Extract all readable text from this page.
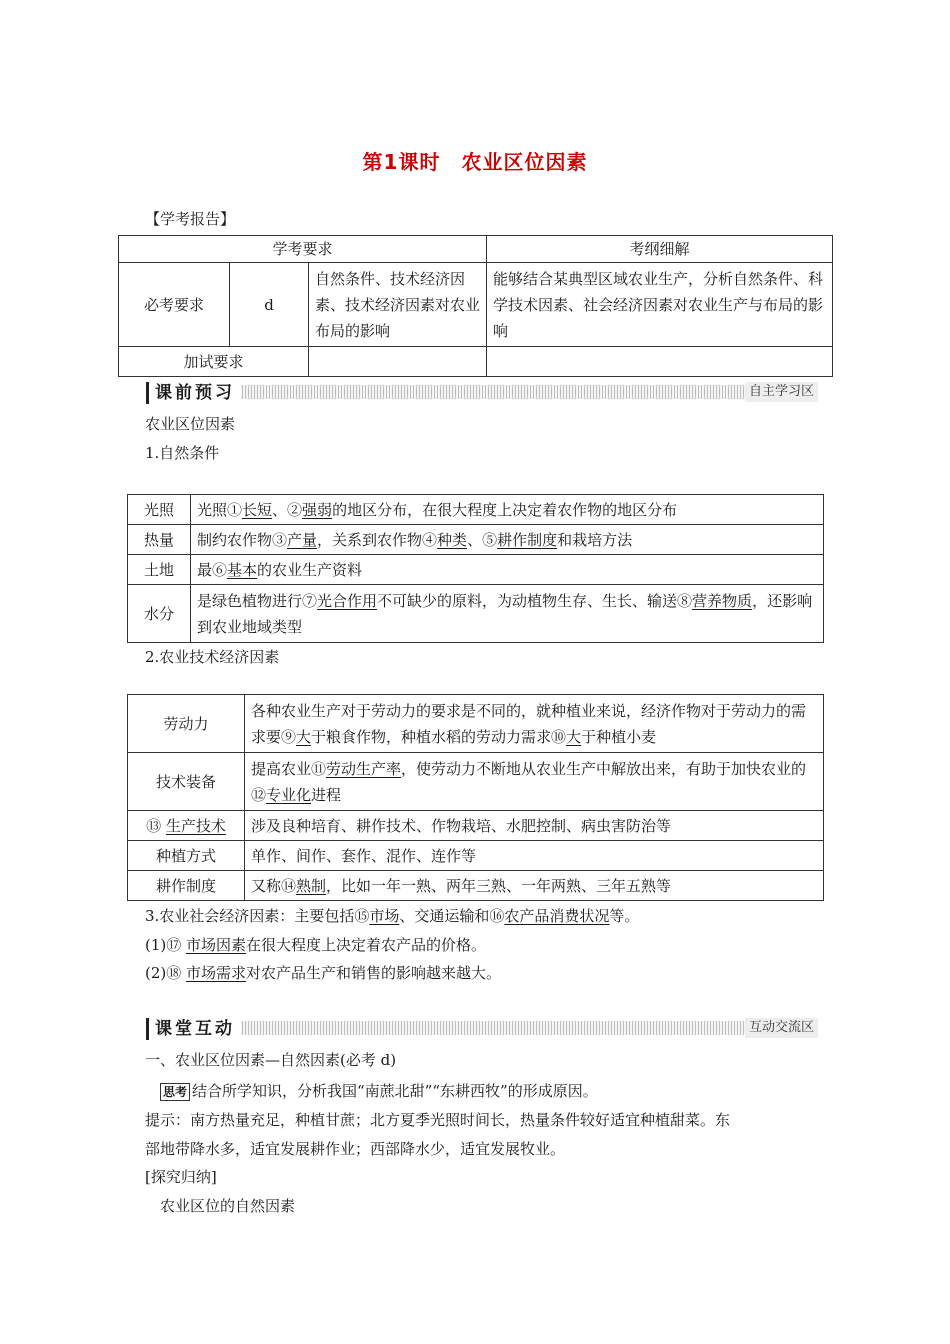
第1课时　农业区位因素
【学考报告】
学考要求			考纲细解
必考要求	d	自然条件、技术经济因素、技术经济因素对农业布局的影响	能够结合某典型区域农业生产，分析自然条件、科学技术因素、社会经济因素对农业生产与布局的影响
加试要求			
课前预习	自主学习区
农业区位因素
1.自然条件
光照	光照①长短、②强弱的地区分布，在很大程度上决定着农作物的地区分布
热量	制约农作物③产量，关系到农作物④种类、⑤耕作制度和栽培方法
土地	最⑥基本的农业生产资料
水分	是绿色植物进行⑦光合作用不可缺少的原料，为动植物生存、生长、输送⑧营养物质，还影响到农业地域类型
2.农业技术经济因素
劳动力	各种农业生产对于劳动力的要求是不同的，就种植业来说，经济作物对于劳动力的需求要⑨大于粮食作物，种植水稻的劳动力需求⑩大于种植小麦
技术装备	提高农业⑪劳动生产率，使劳动力不断地从农业生产中解放出来，有助于加快农业的⑫专业化进程
⑬ 生产技术	涉及良种培育、耕作技术、作物栽培、水肥控制、病虫害防治等
种植方式	单作、间作、套作、混作、连作等
耕作制度	又称⑭熟制，比如一年一熟、两年三熟、一年两熟、三年五熟等
3.农业社会经济因素：主要包括⑮市场、交通运输和⑯农产品消费状况等。
(1)⑰ 市场因素在很大程度上决定着农产品的价格。
(2)⑱ 市场需求对农产品生产和销售的影响越来越大。
课堂互动	互动交流区
一、农业区位因素—自然因素(必考 d)
思考 结合所学知识，分析我国“南蔗北甜”“东耕西牧”的形成原因。
提示：南方热量充足，种植甘蔗；北方夏季光照时间长，热量条件较好适宜种植甜菜。东
部地带降水多，适宜发展耕作业；西部降水少，适宜发展牧业。
[探究归纳]
农业区位的自然因素
